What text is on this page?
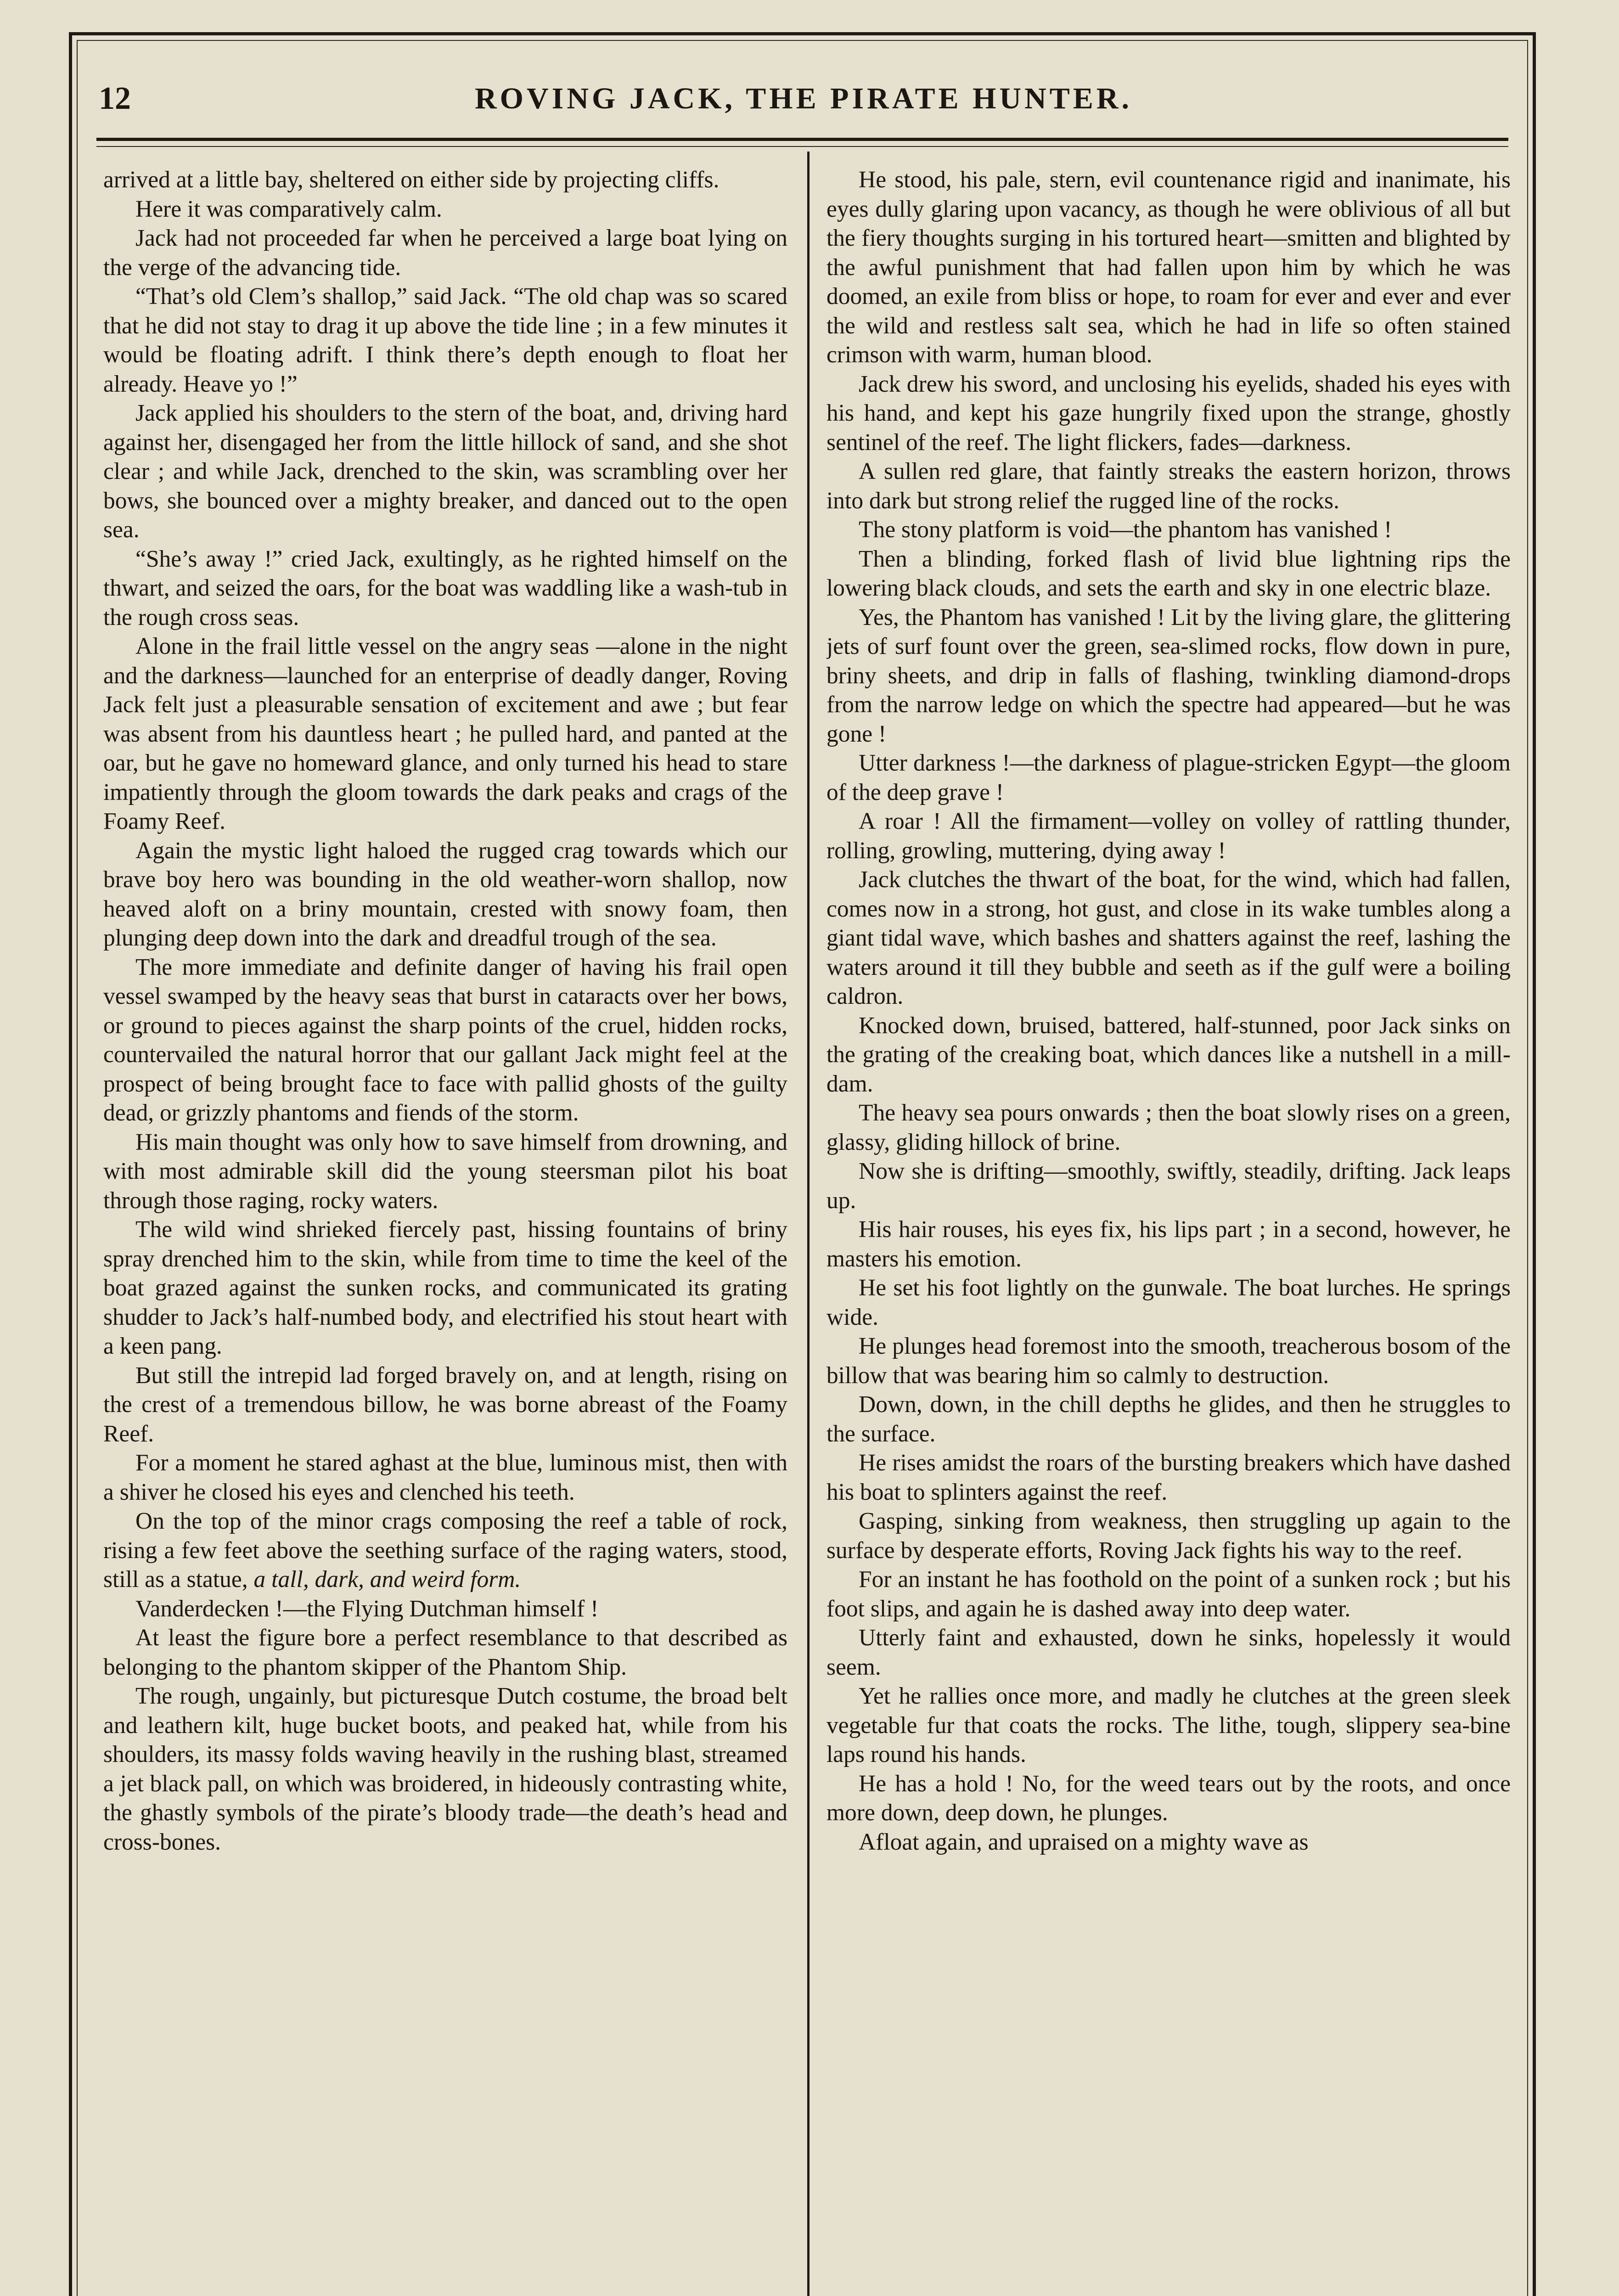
12	ROVING JACK, THE PIRATE HUNTER.

arrived at a little bay, sheltered on either side by projecting cliffs.

Here it was comparatively calm.

Jack had not proceeded far when he perceived a large boat lying on the verge of the advancing tide.

“That’s old Clem’s shallop,” said Jack. “The old chap was so scared that he did not stay to drag it up above the tide line ; in a few minutes it would be floating adrift. I think there’s depth enough to float her already. Heave yo !”

Jack applied his shoulders to the stern of the boat, and, driving hard against her, disengaged her from the little hillock of sand, and she shot clear ; and while Jack, drenched to the skin, was scrambling over her bows, she bounced over a mighty breaker, and danced out to the open sea.

“She’s away !” cried Jack, exultingly, as he righted himself on the thwart, and seized the oars, for the boat was waddling like a wash-tub in the rough cross seas.

Alone in the frail little vessel on the angry seas —alone in the night and the darkness—launched for an enterprise of deadly danger, Roving Jack felt just a pleasurable sensation of excitement and awe ; but fear was absent from his dauntless heart ; he pulled hard, and panted at the oar, but he gave no homeward glance, and only turned his head to stare impatiently through the gloom towards the dark peaks and crags of the Foamy Reef.

Again the mystic light haloed the rugged crag towards which our brave boy hero was bounding in the old weather-worn shallop, now heaved aloft on a briny mountain, crested with snowy foam, then plunging deep down into the dark and dreadful trough of the sea.

The more immediate and definite danger of having his frail open vessel swamped by the heavy seas that burst in cataracts over her bows, or ground to pieces against the sharp points of the cruel, hidden rocks, countervailed the natural horror that our gallant Jack might feel at the prospect of being brought face to face with pallid ghosts of the guilty dead, or grizzly phantoms and fiends of the storm.

His main thought was only how to save himself from drowning, and with most admirable skill did the young steersman pilot his boat through those raging, rocky waters.

The wild wind shrieked fiercely past, hissing fountains of briny spray drenched him to the skin, while from time to time the keel of the boat grazed against the sunken rocks, and communicated its grating shudder to Jack’s half-numbed body, and electrified his stout heart with a keen pang.

But still the intrepid lad forged bravely on, and at length, rising on the crest of a tremendous billow, he was borne abreast of the Foamy Reef.

For a moment he stared aghast at the blue, luminous mist, then with a shiver he closed his eyes and clenched his teeth.

On the top of the minor crags composing the reef a table of rock, rising a few feet above the seething surface of the raging waters, stood, still as a statue, a tall, dark, and weird form.

Vanderdecken !—the Flying Dutchman himself !

At least the figure bore a perfect resemblance to that described as belonging to the phantom skipper of the Phantom Ship.

The rough, ungainly, but picturesque Dutch costume, the broad belt and leathern kilt, huge bucket boots, and peaked hat, while from his shoulders, its massy folds waving heavily in the rushing blast, streamed a jet black pall, on which was broidered, in hideously contrasting white, the ghastly symbols of the pirate’s bloody trade—the death’s head and cross-bones.

He stood, his pale, stern, evil countenance rigid and inanimate, his eyes dully glaring upon vacancy, as though he were oblivious of all but the fiery thoughts surging in his tortured heart—smitten and blighted by the awful punishment that had fallen upon him by which he was doomed, an exile from bliss or hope, to roam for ever and ever and ever the wild and restless salt sea, which he had in life so often stained crimson with warm, human blood.

Jack drew his sword, and unclosing his eyelids, shaded his eyes with his hand, and kept his gaze hungrily fixed upon the strange, ghostly sentinel of the reef. The light flickers, fades—darkness.

A sullen red glare, that faintly streaks the eastern horizon, throws into dark but strong relief the rugged line of the rocks.

The stony platform is void—the phantom has vanished !

Then a blinding, forked flash of livid blue lightning rips the lowering black clouds, and sets the earth and sky in one electric blaze.

Yes, the Phantom has vanished ! Lit by the living glare, the glittering jets of surf fount over the green, sea-slimed rocks, flow down in pure, briny sheets, and drip in falls of flashing, twinkling diamond-drops from the narrow ledge on which the spectre had appeared—but he was gone !

Utter darkness !—the darkness of plague-stricken Egypt—the gloom of the deep grave !

A roar ! All the firmament—volley on volley of rattling thunder, rolling, growling, muttering, dying away !

Jack clutches the thwart of the boat, for the wind, which had fallen, comes now in a strong, hot gust, and close in its wake tumbles along a giant tidal wave, which bashes and shatters against the reef, lashing the waters around it till they bubble and seeth as if the gulf were a boiling caldron.

Knocked down, bruised, battered, half-stunned, poor Jack sinks on the grating of the creaking boat, which dances like a nutshell in a mill-dam.

The heavy sea pours onwards ; then the boat slowly rises on a green, glassy, gliding hillock of brine.

Now she is drifting—smoothly, swiftly, steadily, drifting. Jack leaps up.

His hair rouses, his eyes fix, his lips part ; in a second, however, he masters his emotion.

He set his foot lightly on the gunwale. The boat lurches. He springs wide.

He plunges head foremost into the smooth, treacherous bosom of the billow that was bearing him so calmly to destruction.

Down, down, in the chill depths he glides, and then he struggles to the surface.

He rises amidst the roars of the bursting breakers which have dashed his boat to splinters against the reef.

Gasping, sinking from weakness, then struggling up again to the surface by desperate efforts, Roving Jack fights his way to the reef.

For an instant he has foothold on the point of a sunken rock ; but his foot slips, and again he is dashed away into deep water.

Utterly faint and exhausted, down he sinks, hopelessly it would seem.

Yet he rallies once more, and madly he clutches at the green sleek vegetable fur that coats the rocks. The lithe, tough, slippery sea-bine laps round his hands.

He has a hold ! No, for the weed tears out by the roots, and once more down, deep down, he plunges.

Afloat again, and upraised on a mighty wave as
